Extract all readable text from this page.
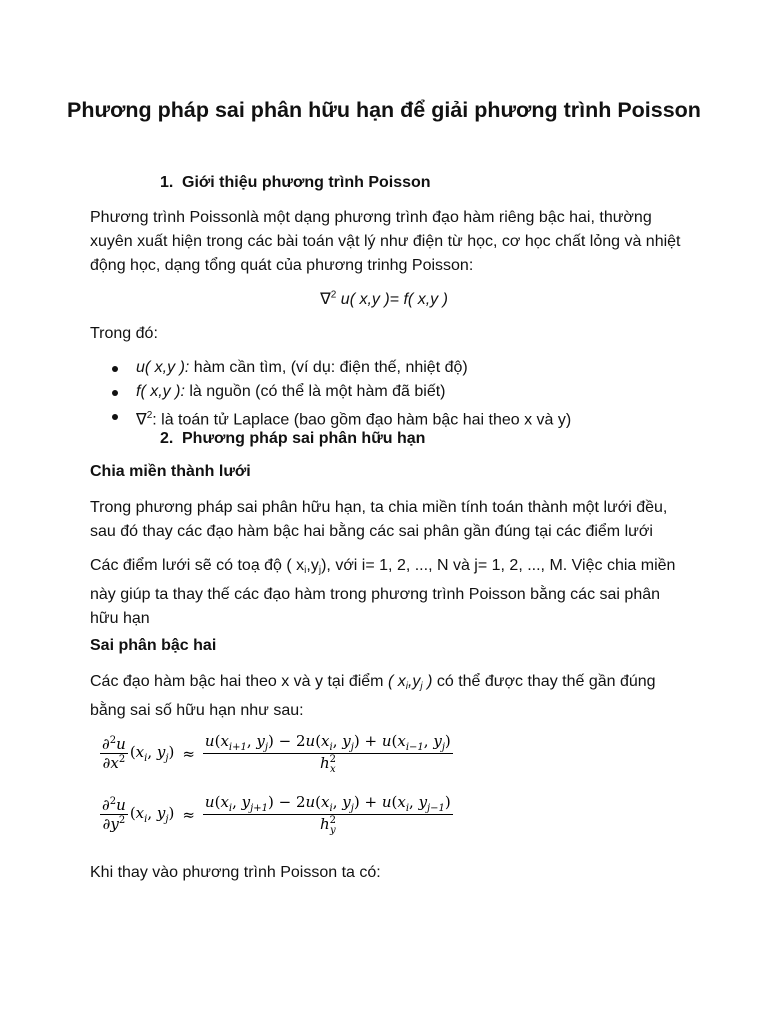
Phương pháp sai phân hữu hạn để giải phương trình Poisson
1. Giới thiệu phương trình Poisson
Phương trình Poissonlà một dạng phương trình đạo hàm riêng bậc hai, thường xuyên xuất hiện trong các bài toán vật lý như điện từ học, cơ học chất lỏng và nhiệt động học, dạng tổng quát của phương trinhg Poisson:
∇$^2$ u( x,y )= f( x,y )
Trong đó:
u( x,y ): hàm cần tìm, (ví dụ: điện thế, nhiệt độ)
f( x,y ): là nguồn (có thể là một hàm đã biết)
∇$^2$: là toán tử Laplace (bao gồm đạo hàm bậc hai theo x và y)
2. Phương pháp sai phân hữu hạn
Chia miền thành lưới
Trong phương pháp sai phân hữu hạn, ta chia miền tính toán thành một lưới đều, sau đó thay các đạo hàm bậc hai bằng các sai phân gần đúng tại các điểm lưới
Các điểm lưới sẽ có toạ độ ( $x_i,y_j$), với i= 1, 2, ..., N và j= 1, 2, ..., M. Việc chia miền này giúp ta thay thế các đạo hàm trong phương trình Poisson bằng các sai phân hữu hạn
Sai phân bậc hai
Các đạo hàm bậc hai theo x và y tại điểm ( $x_i,y_j$ ) có thể được thay thế gần đúng bằng sai số hữu hạn như sau:
$\frac{\partial^2u}{\partial x^2} (x_i$, $y_j) \approx \frac{u(x_{i+1}, y_j) - 2u(x_i, y_j) + u(x_{i-1}, y_j)}{h^2_x}$
$\frac{\partial^2u}{\partial y^2} (x_i$, $y_j) \approx \frac{u(x_i, y_{j+1}) - 2u(x_i, y_j) + u(x_i, y_{j-1})}{h^2_y}$
Khi thay vào phương trình Poisson ta có:
